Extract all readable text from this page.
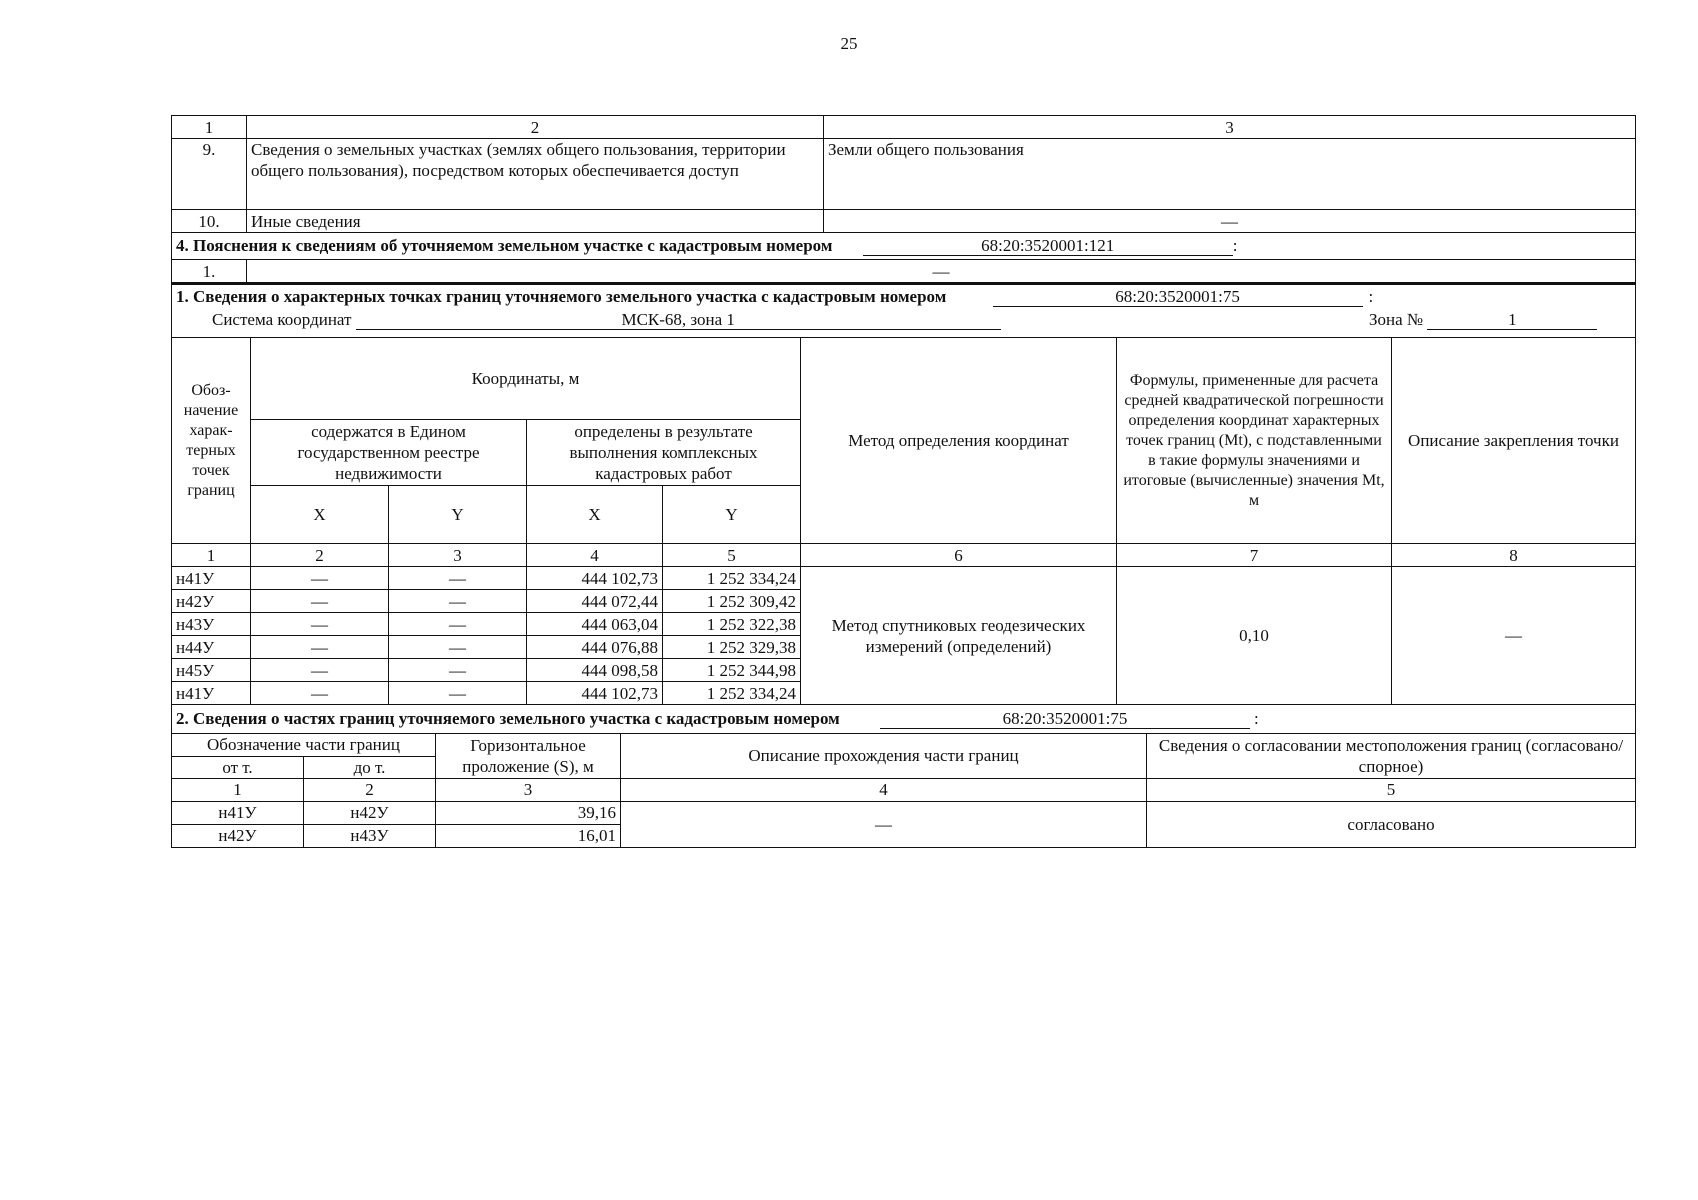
25
1	2	3
9.	Сведения о земельных участках (землях общего пользования, территории общего пользования), посредством которых обеспечивается доступ	Земли общего пользования
10.	Иные сведения	—
4. Пояснения к сведениям об уточняемом земельном участке с кадастровым номером	68:20:3520001:121	:
1.	—
1. Сведения о характерных точках границ уточняемого земельного участка с кадастровым номером 68:20:3520001:75 :
Система координат МСК-68, зона 1 Зона № 1							

Обоз-начение харак-терных точек границ	Координаты, м				Метод определения координат	Формулы, примененные для расчета средней квадратической погрешности определения координат характерных точек границ (Mt), с подставленными в такие формулы значениями и итоговые (вычисленные) значения Mt, м	Описание закрепления точки
	содержатся в Едином государственном реестре недвижимости		определены в результате выполнения комплексных кадастровых работ				
	X	Y	X	Y			
1	2	3	4	5	6	7	8
н41У	—	—	444 102,73	1 252 334,24	Метод спутниковых геодезических измерений (определений)	0,10	—
н42У	—	—	444 072,44	1 252 309,42			
н43У	—	—	444 063,04	1 252 322,38			
н44У	—	—	444 076,88	1 252 329,38			
н45У	—	—	444 098,58	1 252 344,98			
н41У	—	—	444 102,73	1 252 334,24			
2. Сведения о частях границ уточняемого земельного участка с кадастровым номером 68:20:3520001:75 :				
Обозначение части границ		Горизонтальное проложение (S), м	Описание прохождения части границ	Сведения о согласовании местоположения границ (согласовано/спорное)
от т.	до т.			
1	2	3	4	5
н41У	н42У	39,16	—	согласовано
н42У	н43У	16,01		
